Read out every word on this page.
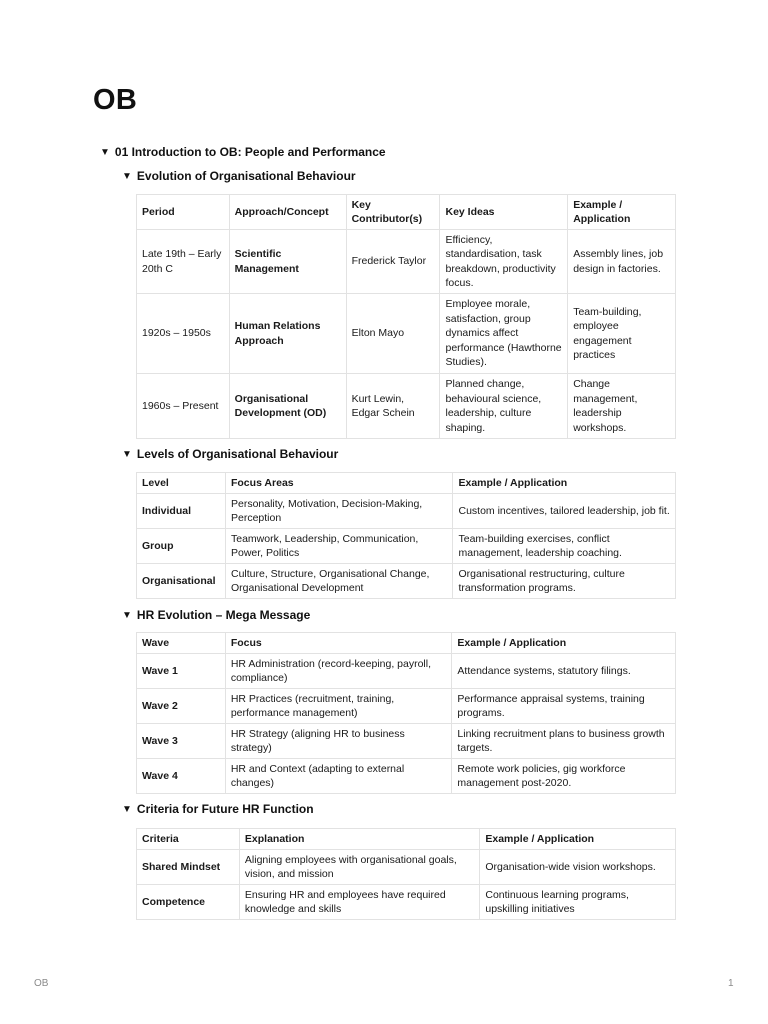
OB
▼ 01 Introduction to OB: People and Performance
▼ Evolution of Organisational Behaviour
Period	Approach/Concept	Key Contributor(s)	Key Ideas	Example / Application
Late 19th – Early 20th C	Scientific Management	Frederick Taylor	Efficiency, standardisation, task breakdown, productivity focus.	Assembly lines, job design in factories.
1920s – 1950s	Human Relations Approach	Elton Mayo	Employee morale, satisfaction, group dynamics affect performance (Hawthorne Studies).	Team-building, employee engagement practices
1960s – Present	Organisational Development (OD)	Kurt Lewin, Edgar Schein	Planned change, behavioural science, leadership, culture shaping.	Change management, leadership workshops.
▼ Levels of Organisational Behaviour
Level	Focus Areas	Example / Application
Individual	Personality, Motivation, Decision-Making, Perception	Custom incentives, tailored leadership, job fit.
Group	Teamwork, Leadership, Communication, Power, Politics	Team-building exercises, conflict management, leadership coaching.
Organisational	Culture, Structure, Organisational Change, Organisational Development	Organisational restructuring, culture transformation programs.
▼ HR Evolution – Mega Message
Wave	Focus	Example / Application
Wave 1	HR Administration (record-keeping, payroll, compliance)	Attendance systems, statutory filings.
Wave 2	HR Practices (recruitment, training, performance management)	Performance appraisal systems, training programs.
Wave 3	HR Strategy (aligning HR to business strategy)	Linking recruitment plans to business growth targets.
Wave 4	HR and Context (adapting to external changes)	Remote work policies, gig workforce management post-2020.
▼ Criteria for Future HR Function
Criteria	Explanation	Example / Application
Shared Mindset	Aligning employees with organisational goals, vision, and mission	Organisation-wide vision workshops.
Competence	Ensuring HR and employees have required knowledge and skills	Continuous learning programs, upskilling initiatives
OB	1
